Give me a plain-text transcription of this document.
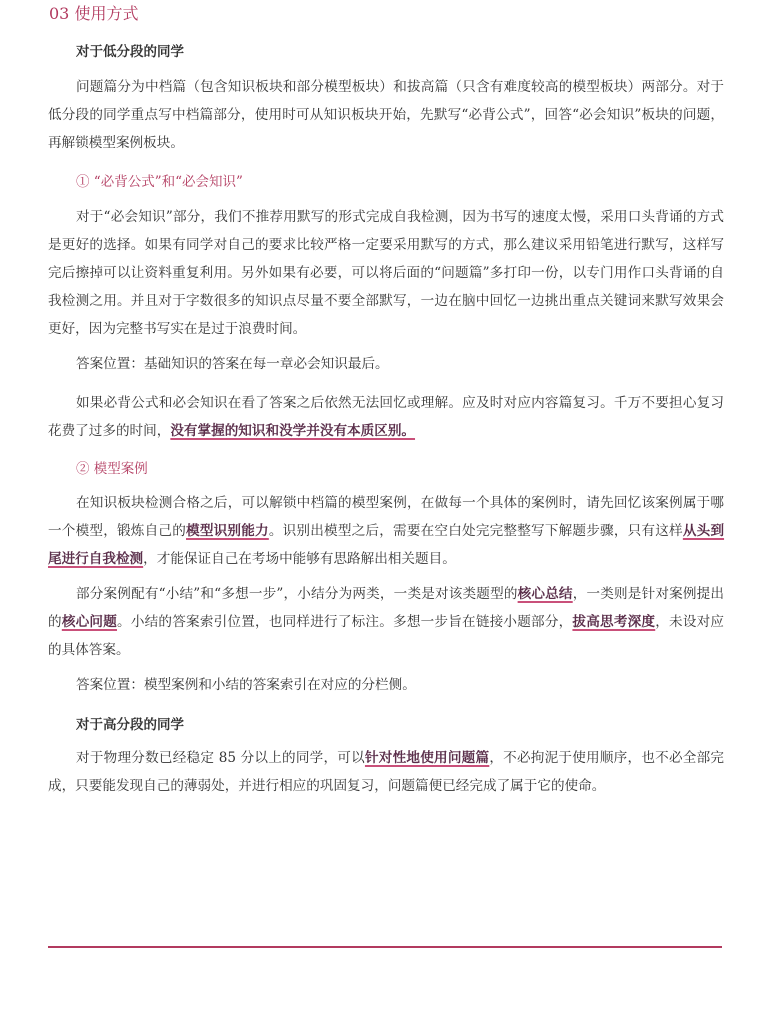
03 使用方式
对于低分段的同学

问题篇分为中档篇（包含知识板块和部分模型板块）和拔高篇（只含有难度较高的模型板块）两部分。对于低分段的同学重点写中档篇部分，使用时可从知识板块开始，先默写“必背公式”，回答“必会知识”板块的问题，再解锁模型案例板块。

① “必背公式”和“必会知识”

对于“必会知识”部分，我们不推荐用默写的形式完成自我检测，因为书写的速度太慢，采用口头背诵的方式是更好的选择。如果有同学对自己的要求比较严格一定要采用默写的方式，那么建议采用铅笔进行默写，这样写完后擦掉可以让资料重复利用。另外如果有必要，可以将后面的“问题篇”多打印一份，以专门用作口头背诵的自我检测之用。并且对于字数很多的知识点尽量不要全部默写，一边在脑中回忆一边挑出重点关键词来默写效果会更好，因为完整书写实在是过于浪费时间。

答案位置：基础知识的答案在每一章必会知识最后。

如果必背公式和必会知识在看了答案之后依然无法回忆或理解。应及时对应内容篇复习。千万不要担心复习花费了过多的时间，没有掌握的知识和没学并没有本质区别。

② 模型案例

在知识板块检测合格之后，可以解锁中档篇的模型案例，在做每一个具体的案例时，请先回忆该案例属于哪一个模型，锻炼自己的模型识别能力。识别出模型之后，需要在空白处完完整整写下解题步骤，只有这样从头到尾进行自我检测，才能保证自己在考场中能够有思路解出相关题目。

部分案例配有“小结”和“多想一步”，小结分为两类，一类是对该类题型的核心总结，一类则是针对案例提出的核心问题。小结的答案索引位置，也同样进行了标注。多想一步旨在链接小题部分，拔高思考深度，未设对应的具体答案。

答案位置：模型案例和小结的答案索引在对应的分栏侧。

对于高分段的同学

对于物理分数已经稳定 85 分以上的同学，可以针对性地使用问题篇，不必拘泥于使用顺序，也不必全部完成，只要能发现自己的薄弱处，并进行相应的巩固复习，问题篇便已经完成了属于它的使命。
